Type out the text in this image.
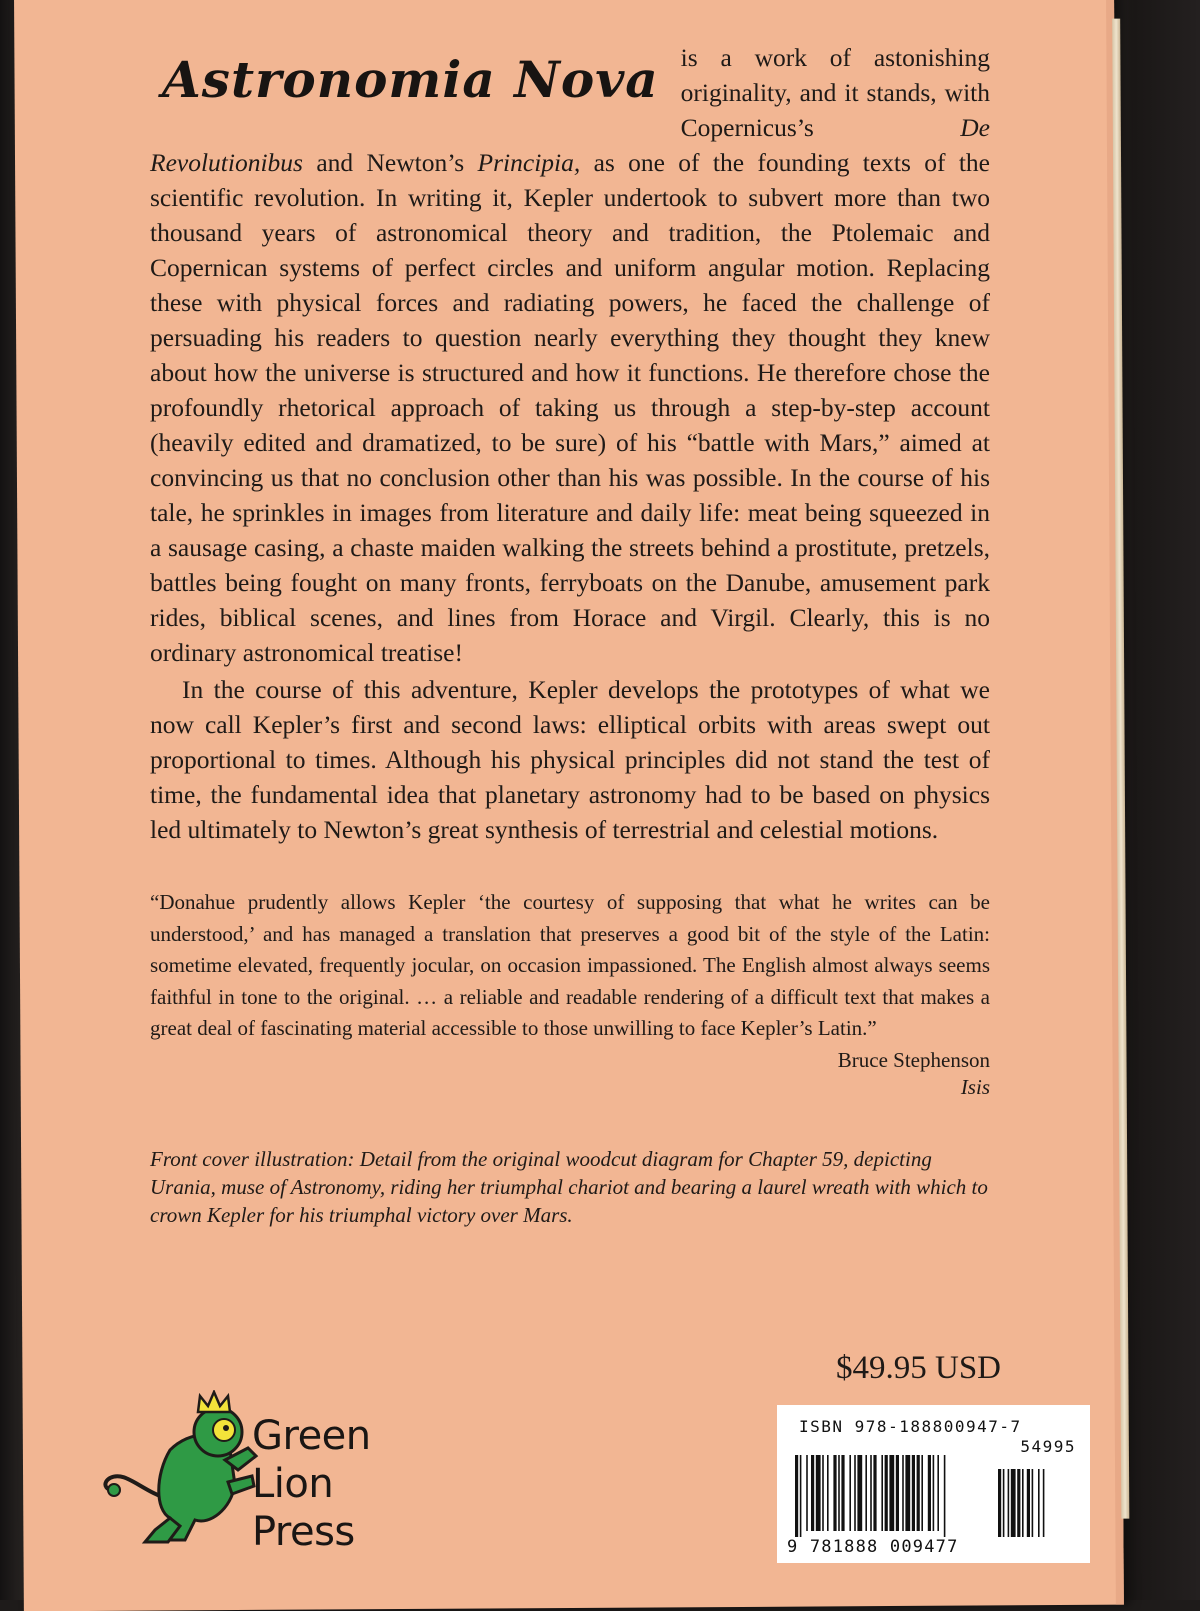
Astronomia Nova is a work of astonishing originality, and it stands, with Copernicus’s De Revolutionibus and Newton’s Principia, as one of the founding texts of the scientific revolution. In writing it, Kepler undertook to subvert more than two thousand years of astronomical theory and tradition, the Ptolemaic and Copernican systems of perfect circles and uniform angular motion. Replacing these with physical forces and radiating powers, he faced the challenge of persuading his readers to question nearly everything they thought they knew about how the universe is structured and how it functions. He therefore chose the profoundly rhetorical approach of taking us through a step-by-step account (heavily edited and dramatized, to be sure) of his “battle with Mars,” aimed at convincing us that no conclusion other than his was possible. In the course of his tale, he sprinkles in images from literature and daily life: meat being squeezed in a sausage casing, a chaste maiden walking the streets behind a prostitute, pretzels, battles being fought on many fronts, ferryboats on the Danube, amusement park rides, biblical scenes, and lines from Horace and Virgil. Clearly, this is no ordinary astronomical treatise!

In the course of this adventure, Kepler develops the prototypes of what we now call Kepler’s first and second laws: elliptical orbits with areas swept out proportional to times. Although his physical principles did not stand the test of time, the fundamental idea that planetary astronomy had to be based on physics led ultimately to Newton’s great synthesis of terrestrial and celestial motions.

“Donahue prudently allows Kepler ‘the courtesy of supposing that what he writes can be understood,’ and has managed a translation that preserves a good bit of the style of the Latin: sometime elevated, frequently jocular, on occasion impassioned. The English almost always seems faithful in tone to the original. … a reliable and readable rendering of a difficult text that makes a great deal of fascinating material accessible to those unwilling to face Kepler’s Latin.”
Bruce Stephenson
Isis
Front cover illustration: Detail from the original woodcut diagram for Chapter 59, depicting Urania, muse of Astronomy, riding her triumphal chariot and bearing a laurel wreath with which to crown Kepler for his triumphal victory over Mars.
$49.95 USD
Green
Lion
Press
ISBN 978-188800947-7
54995
9 781888 009477
